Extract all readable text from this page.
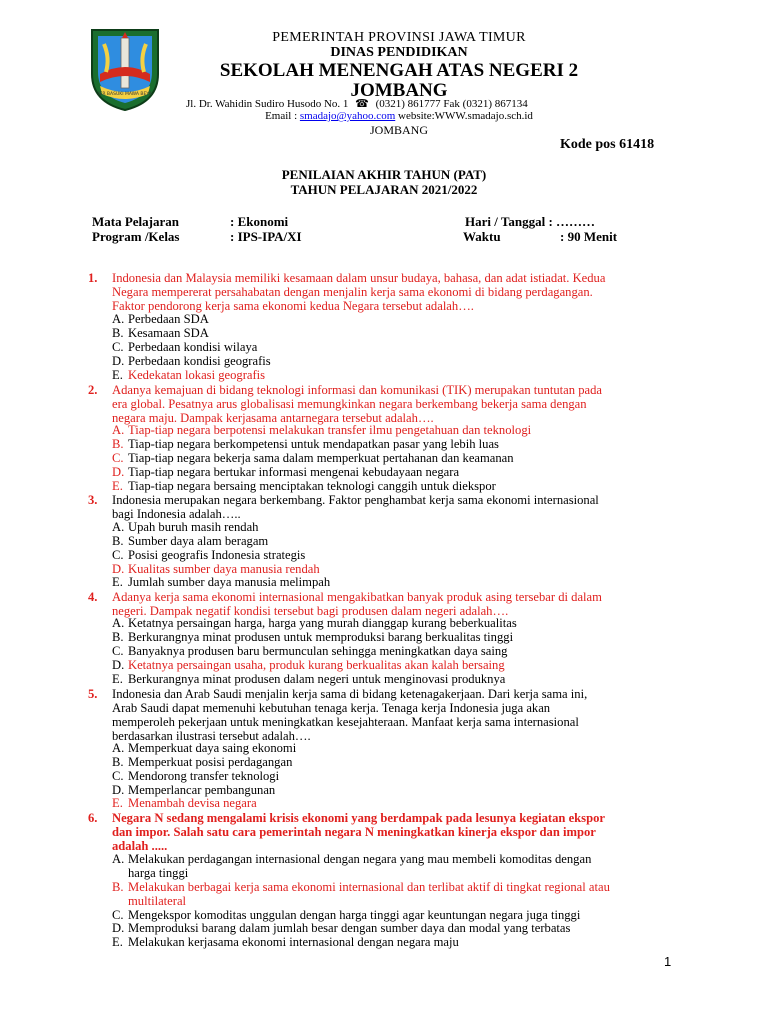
JER BASUKI MAWA BEYA
PEMERINTAH PROVINSI JAWA TIMUR
DINAS PENDIDIKAN
SEKOLAH MENENGAH ATAS NEGERI 2
JOMBANG
Jl. Dr. Wahidin Sudiro Husodo No. 1 ☎ (0321) 861777 Fak (0321) 867134
Email : smadajo@yahoo.com website:WWW.smadajo.sch.id
JOMBANG
Kode pos 61418
PENILAIAN AKHIR TAHUN (PAT)
TAHUN PELAJARAN 2021/2022
Mata Pelajaran	: Ekonomi	Hari / Tanggal : ………
Program /Kelas	: IPS-IPA/XI	Waktu	: 90 Menit
1.	Indonesia dan Malaysia memiliki kesamaan dalam unsur budaya, bahasa, dan adat istiadat. Kedua
Negara mempererat persahabatan dengan menjalin kerja sama ekonomi di bidang perdagangan.
Faktor pendorong kerja sama ekonomi kedua Negara tersebut adalah….
A. Perbedaan SDA
B. Kesamaan SDA
C. Perbedaan kondisi wilaya
D. Perbedaan kondisi geografis
E. Kedekatan lokasi geografis
2.	Adanya kemajuan di bidang teknologi informasi dan komunikasi (TIK) merupakan tuntutan pada
era global. Pesatnya arus globalisasi memungkinkan negara berkembang bekerja sama dengan
negara maju. Dampak kerjasama antarnegara tersebut adalah….
A. Tiap-tiap negara berpotensi melakukan transfer ilmu pengetahuan dan teknologi
B. Tiap-tiap negara berkompetensi untuk mendapatkan pasar yang lebih luas
C. Tiap-tiap negara bekerja sama dalam memperkuat pertahanan dan keamanan
D. Tiap-tiap negara bertukar informasi mengenai kebudayaan negara
E. Tiap-tiap negara bersaing menciptakan teknologi canggih untuk diekspor
3.	Indonesia merupakan negara berkembang. Faktor penghambat kerja sama ekonomi internasional
bagi Indonesia adalah…..
A. Upah buruh masih rendah
B. Sumber daya alam beragam
C. Posisi geografis Indonesia strategis
D. Kualitas sumber daya manusia rendah
E. Jumlah sumber daya manusia melimpah
4.	Adanya kerja sama ekonomi internasional mengakibatkan banyak produk asing tersebar di dalam
negeri. Dampak negatif kondisi tersebut bagi produsen dalam negeri adalah….
A. Ketatnya persaingan harga, harga yang murah dianggap kurang beberkualitas
B. Berkurangnya minat produsen untuk memproduksi barang berkualitas tinggi
C. Banyaknya produsen baru bermunculan sehingga meningkatkan daya saing
D. Ketatnya persaingan usaha, produk kurang berkualitas akan kalah bersaing
E. Berkurangnya minat produsen dalam negeri untuk menginovasi produknya
5.	Indonesia dan Arab Saudi menjalin kerja sama di bidang ketenagakerjaan. Dari kerja sama ini,
Arab Saudi dapat memenuhi kebutuhan tenaga kerja. Tenaga kerja Indonesia juga akan
memperoleh pekerjaan untuk meningkatkan kesejahteraan. Manfaat kerja sama internasional
berdasarkan ilustrasi tersebut adalah….
A. Memperkuat daya saing ekonomi
B. Memperkuat posisi perdagangan
C. Mendorong transfer teknologi
D. Memperlancar pembangunan
E. Menambah devisa negara
6.	Negara N sedang mengalami krisis ekonomi yang berdampak pada lesunya kegiatan ekspor
dan impor. Salah satu cara pemerintah negara N meningkatkan kinerja ekspor dan impor
adalah .....
A. Melakukan perdagangan internasional dengan negara yang mau membeli komoditas dengan
harga tinggi
B. Melakukan berbagai kerja sama ekonomi internasional dan terlibat aktif di tingkat regional atau
multilateral
C. Mengekspor komoditas unggulan dengan harga tinggi agar keuntungan negara juga tinggi
D. Memproduksi barang dalam jumlah besar dengan sumber daya dan modal yang terbatas
E. Melakukan kerjasama ekonomi internasional dengan negara maju
1
